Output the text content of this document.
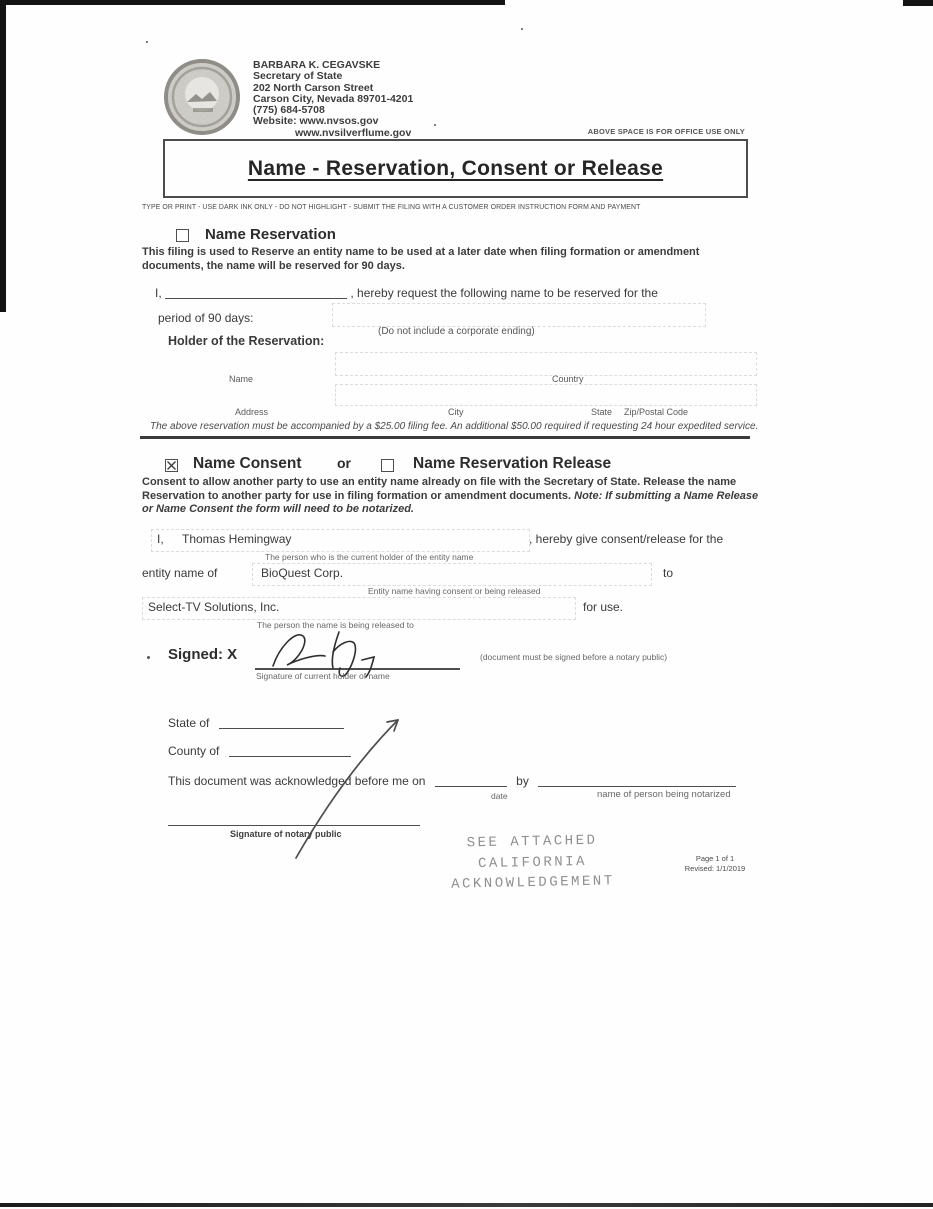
BARBARA K. CEGAVSKE
Secretary of State
202 North Carson Street
Carson City, Nevada 89701-4201
(775) 684-5708
Website: www.nvsos.gov
www.nvsilverflume.gov	ABOVE SPACE IS FOR OFFICE USE ONLY
Name - Reservation, Consent or Release
TYPE OR PRINT - USE DARK INK ONLY - DO NOT HIGHLIGHT - SUBMIT THE FILING WITH A CUSTOMER ORDER INSTRUCTION FORM AND PAYMENT
Name Reservation
This filing is used to Reserve an entity name to be used at a later date when filing formation or amendment documents, the name will be reserved for 90 days.
I,	, hereby request the following name to be reserved for the
period of 90 days:
(Do not include a corporate ending)
Holder of the Reservation:
Name	Country
Address	City	State Zip/Postal Code
The above reservation must be accompanied by a $25.00 filing fee. An additional $50.00 required if requesting 24 hour expedited service.
Name Consent	or	Name Reservation Release
Consent to allow another party to use an entity name already on file with the Secretary of State. Release the name Reservation to another party for use in filing formation or amendment documents. Note: If submitting a Name Release or Name Consent the form will need to be notarized.
I, Thomas Hemingway	, hereby give consent/release for the
The person who is the current holder of the entity name
entity name of	BioQuest Corp.	to
Entity name having consent or being released
Select-TV Solutions, Inc.	for use.
The person the name is being released to
Signed: X
Signature of current holder of name
(document must be signed before a notary public)
State of
County of
This document was acknowledged before me on	by
date	name of person being notarized
Signature of notary public	SEE ATTACHED
CALIFORNIA
ACKNOWLEDGEMENT
Page 1 of 1
Revised: 1/1/2019
